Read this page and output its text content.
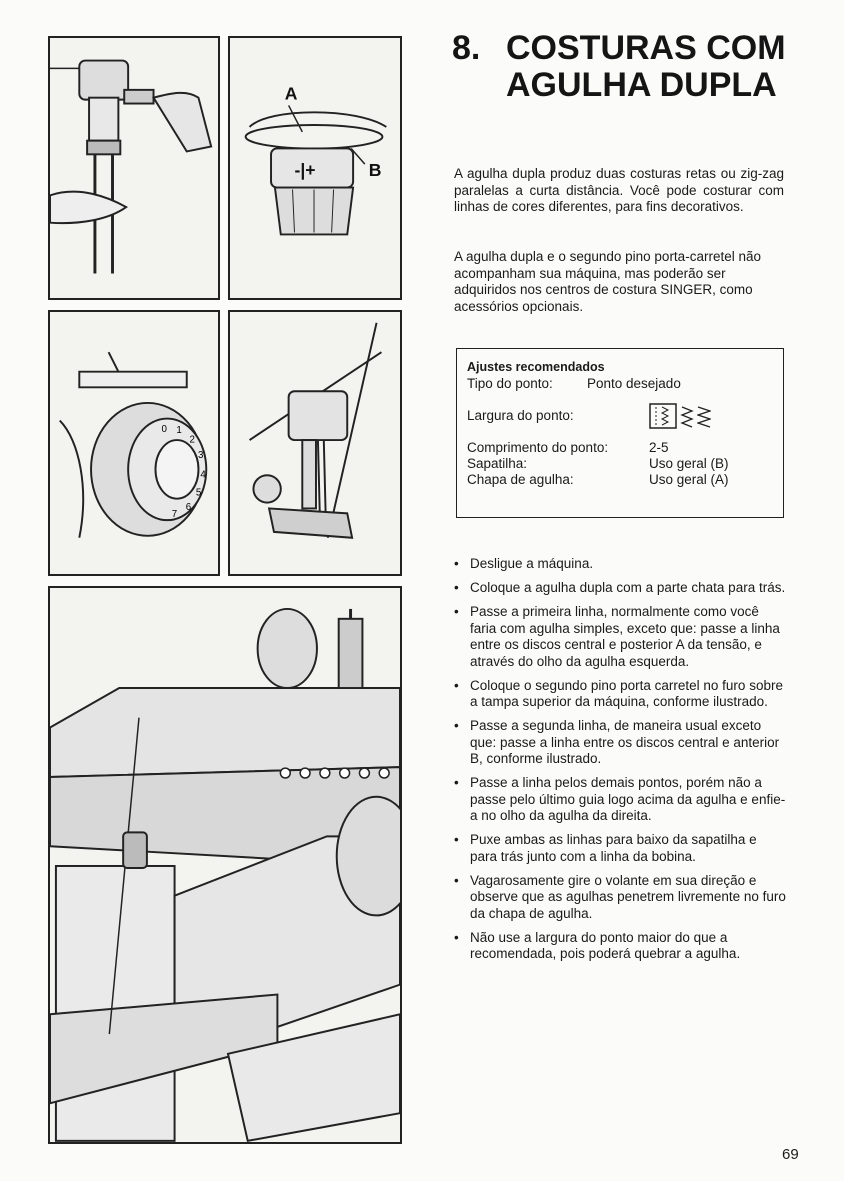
A
B
-|+
0 1
2
3
4
5
6
7
8. COSTURAS COM AGULHA DUPLA

A agulha dupla produz duas costuras retas ou zig-zag paralelas a curta distância. Você pode costurar com linhas de cores diferentes, para fins decorativos.

A agulha dupla e o segundo pino porta-carretel não acompanham sua máquina, mas poderão ser adquiridos nos centros de costura SINGER, como acessórios opcionais.

Ajustes recomendados
Tipo do ponto:	Ponto desejado
Largura do ponto:
Comprimento do ponto:	2-5
Sapatilha:	Uso geral (B)
Chapa de agulha:	Uso geral (A)
• Desligue a máquina.
• Coloque a agulha dupla com a parte chata para trás.
• Passe a primeira linha, normalmente como você faria com agulha simples, exceto que: passe a linha entre os discos central e posterior A da tensão, e através do olho da agulha esquerda.
• Coloque o segundo pino porta carretel no furo sobre a tampa superior da máquina, conforme ilustrado.
• Passe a segunda linha, de maneira usual exceto que: passe a linha entre os discos central e anterior B, conforme ilustrado.
• Passe a linha pelos demais pontos, porém não a passe pelo último guia logo acima da agulha e enfie-a no olho da agulha da direita.
• Puxe ambas as linhas para baixo da sapatilha e para trás junto com a linha da bobina.
• Vagarosamente gire o volante em sua direção e observe que as agulhas penetrem livremente no furo da chapa de agulha.
• Não use a largura do ponto maior do que a recomendada, pois poderá quebrar a agulha.
69
